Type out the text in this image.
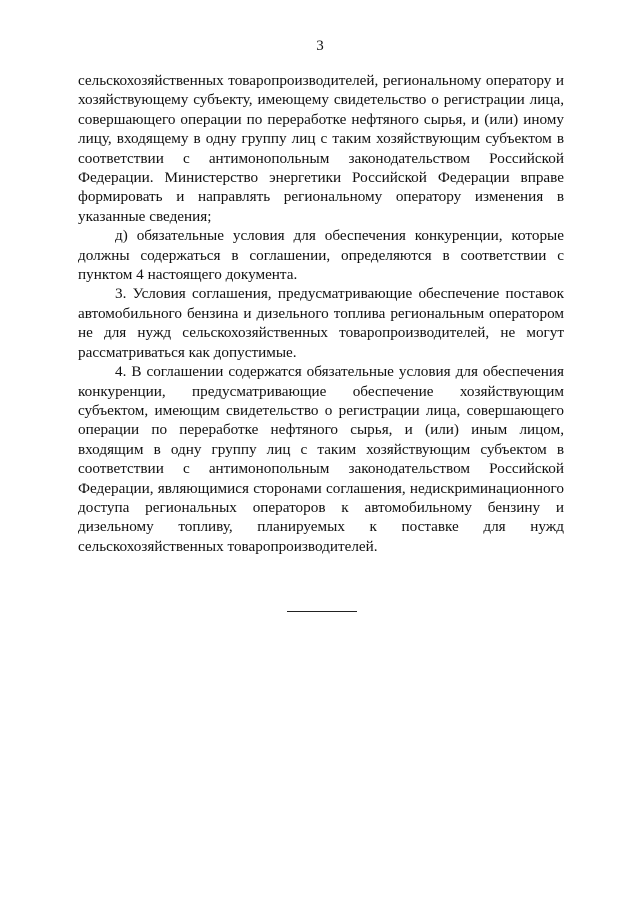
3

сельскохозяйственных товаропроизводителей, региональному оператору и хозяйствующему субъекту, имеющему свидетельство о регистрации лица, совершающего операции по переработке нефтяного сырья, и (или) иному лицу, входящему в одну группу лиц с таким хозяйствующим субъектом в соответствии с антимонопольным законодательством Российской Федерации. Министерство энергетики Российской Федерации вправе формировать и направлять региональному оператору изменения в указанные сведения;

д) обязательные условия для обеспечения конкуренции, которые должны содержаться в соглашении, определяются в соответствии с пунктом 4 настоящего документа.

3. Условия соглашения, предусматривающие обеспечение поставок автомобильного бензина и дизельного топлива региональным оператором не для нужд сельскохозяйственных товаропроизводителей, не могут рассматриваться как допустимые.

4. В соглашении содержатся обязательные условия для обеспечения конкуренции, предусматривающие обеспечение хозяйствующим субъектом, имеющим свидетельство о регистрации лица, совершающего операции по переработке нефтяного сырья, и (или) иным лицом, входящим в одну группу лиц с таким хозяйствующим субъектом в соответствии с антимонопольным законодательством Российской Федерации, являющимися сторонами соглашения, недискриминационного доступа региональных операторов к автомобильному бензину и дизельному топливу, планируемых к поставке для нужд сельскохозяйственных товаропроизводителей.
